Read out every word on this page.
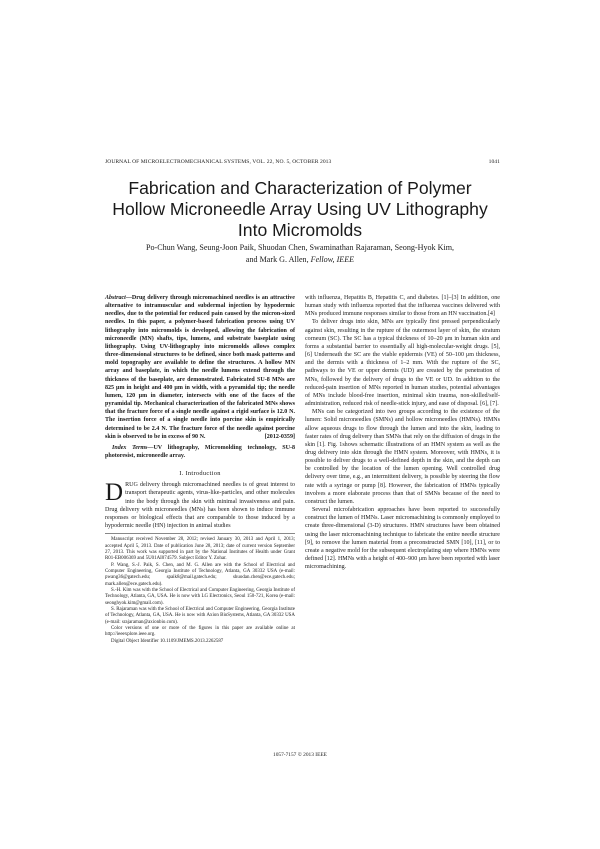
JOURNAL OF MICROELECTROMECHANICAL SYSTEMS, VOL. 22, NO. 5, OCTOBER 2013	1041
Fabrication and Characterization of Polymer Hollow Microneedle Array Using UV Lithography Into Micromolds
Po-Chun Wang, Seung-Joon Paik, Shuodan Chen, Swaminathan Rajaraman, Seong-Hyok Kim,
and Mark G. Allen, Fellow, IEEE
Abstract—Drug delivery through micromachined needles is an attractive alternative to intramuscular and subdermal injection by hypodermic needles, due to the potential for reduced pain caused by the micron-sized needles. In this paper, a polymer-based fabrication process using UV lithography into micromolds is developed, allowing the fabrication of microneedle (MN) shafts, tips, lumens, and substrate baseplate using lithography. Using UV-lithography into micromolds allows complex three-dimensional structures to be defined, since both mask patterns and mold topography are available to define the structures. A hollow MN array and baseplate, in which the needle lumens extend through the thickness of the baseplate, are demonstrated. Fabricated SU-8 MNs are 825 μm in height and 400 μm in width, with a pyramidal tip; the needle lumen, 120 μm in diameter, intersects with one of the faces of the pyramidal tip. Mechanical characterization of the fabricated MNs shows that the fracture force of a single needle against a rigid surface is 12.0 N. The insertion force of a single needle into porcine skin is empirically determined to be 2.4 N. The fracture force of the needle against porcine skin is observed to be in excess of 90 N.	[2012-0359]
Index Terms—UV lithography, Micromolding technology, SU-8 photoresist, microneedle array.
I. Introduction

DRUG delivery through micromachined needles is of great interest to transport therapeutic agents, virus-like-particles, and other molecules into the body through the skin with minimal invasiveness and pain. Drug delivery with microneedles (MNs) has been shown to induce immune responses or biological effects that are comparable to those induced by a hypodermic needle (HN) injection in animal studies

Manuscript received November 28, 2012; revised January 30, 2013 and April 1, 2013; accepted April 5, 2013. Date of publication June 28, 2013; date of current version September 27, 2013. This work was supported in part by the National Institutes of Health under Grant R01-EB006369 and 5U01AI074579. Subject Editor Y. Zohar.

P. Wang, S.-J. Paik, S. Chen, and M. G. Allen are with the School of Electrical and Computer Engineering, Georgia Institute of Technology, Atlanta, GA 30332 USA (e-mail: pwang36@gatech.edu; spaik8@mail.gatech.edu; shuodan.chen@ece.gatech.edu; mark.allen@ece.gatech.edu).

S.-H. Kim was with the School of Electrical and Computer Engineering, Georgia Institute of Technology, Atlanta, GA, USA. He is now with LG Electronics, Seoul 150-721, Korea (e-mail: seonghyok.kim@gmail.com).

S. Rajaraman was with the School of Electrical and Computer Engineering, Georgia Institute of Technology, Atlanta, GA, USA. He is now with Axion BioSystems, Atlanta, GA 30332 USA (e-mail: srajaraman@axionbio.com).

Color versions of one or more of the figures in this paper are available online at http://ieeexplore.ieee.org.

Digital Object Identifier 10.1109/JMEMS.2013.2262587

with influenza, Hepatitis B, Hepatitis C, and diabetes. [1]–[3] In addition, one human study with influenza reported that the influenza vaccines delivered with MNs produced immune responses similar to those from an HN vaccination.[4]

To deliver drugs into skin, MNs are typically first pressed perpendicularly against skin, resulting in the rupture of the outermost layer of skin, the stratum corneum (SC). The SC has a typical thickness of 10–20 μm in human skin and forms a substantial barrier to essentially all high-molecular-weight drugs. [5], [6] Underneath the SC are the viable epidermis (VE) of 50–100 μm thickness, and the dermis with a thickness of 1–2 mm. With the rupture of the SC, pathways to the VE or upper dermis (UD) are created by the penetration of MNs, followed by the delivery of drugs to the VE or UD. In addition to the reduced-pain insertion of MNs reported in human studies, potential advantages of MNs include blood-free insertion, minimal skin trauma, non-skilled/self-administration, reduced risk of needle-stick injury, and ease of disposal. [6], [7].

MNs can be categorized into two groups according to the existence of the lumen: Solid microneedles (SMNs) and hollow microneedles (HMNs). HMNs allow aqueous drugs to flow through the lumen and into the skin, leading to faster rates of drug delivery than SMNs that rely on the diffusion of drugs in the skin [1]. Fig. 1shows schematic illustrations of an HMN system as well as the drug delivery into skin through the HMN system. Moreover, with HMNs, it is possible to deliver drugs to a well-defined depth in the skin, and the depth can be controlled by the location of the lumen opening. Well controlled drug delivery over time, e.g., an intermittent delivery, is possible by steering the flow rate with a syringe or pump [8]. However, the fabrication of HMNs typically involves a more elaborate process than that of SMNs because of the need to construct the lumen.

Several microfabrication approaches have been reported to successfully construct the lumen of HMNs. Laser micromachining is commonly employed to create three-dimensional (3-D) structures. HMN structures have been obtained using the laser micromachining technique to fabricate the entire needle structure [9], to remove the lumen material from a preconstructed SMN [10], [11], or to create a negative mold for the subsequent electroplating step where HMNs were defined [12]. HMNs with a height of 400–900 μm have been reported with laser micromachining.

1057-7157 © 2013 IEEE
